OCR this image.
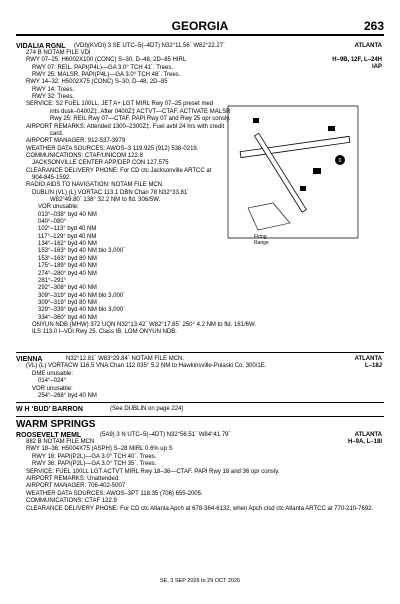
GEORGIA	263
VIDALIA RGNL (VDI)(KVDI) 3 SE UTC–5(–4DT) N32°11.56´ W82°22.27´	ATLANTA
274 B NOTAM FILE VDI
RWY 07–25: H6002X100 (CONC) S–30, D–48, 2D–85 HIRL
RWY 07: REIL. PAPI(P4L)—GA 3.0° TCH 41´. Trees.
RWY 25: MALSR. PAPI(P4L)—GA 3.0° TCH 48´. Trees.
RWY 14–32: H5002X75 (CONC) S–30, D–48, 2D–85
RWY 14: Trees.
RWY 32: Trees.
SERVICE: S2 FUEL 100LL, JET A+ LGT MIRL Rwy 07–25 preset med
ints dusk–0400Z‡. After 0400Z‡ ACTVT—CTAF. ACTIVATE MALSR
Rwy 25; REIL Rwy 07—CTAF. PAPI Rwy 07 and Rwy 25 opr consly.
AIRPORT REMARKS: Attended 1300–2300Z‡. Fuel avbl 24 hrs with credit
card.
AIRPORT MANAGER: 912-537-3979
WEATHER DATA SOURCES: AWOS–3 119.925 (912) 538-0219.
COMMUNICATIONS: CTAF/UNICOM 122.8
JACKSONVILLE CENTER APP/DEP CON 127.575
CLEARANCE DELIVERY PHONE: For CD ctc Jacksonville ARTCC at
904-845-1592.
RADIO AIDS TO NAVIGATION: NOTAM FILE MCN.
DUBLIN (VL) (L) VORTAC 113.1 DBN Chan 78 N32°33.81´
W82°49.80´ 138° 32.2 NM to fld. 306/5W.
VOR unusable:
013°–038° byd 40 NM
040°–080°
102°–113° byd 40 NM
117°–129° byd 40 NM
134°–162° byd 40 NM
153°–163° byd 40 NM blo 3,000´
153°–163° byd 80 NM
175°–189° byd 40 NM
274°–280° byd 40 NM
281°–291°
292°–308° byd 40 NM
309°–319° byd 40 NM blo 3,000´
309°–319° byd 80 NM
329°–339° byd 40 NM blo 3,000´
334°–360° byd 40 NM
ONYUN NDB (MHW) 372 UQN N32°13.42´ W82°17.85´ 250° 4.2 NM to fld. 161/6W.
ILS 113.0 I–VDI Rwy 25. Class IB. LOM ONYUN NDB.
H–9B, 12F, L–24H
IAP
6
Firing Range
VIENNA	ATLANTA
L–18J
N32°12.81´ W83°29.84´ NOTAM FILE MCN.
(VL) (L) VORTACW 116.5 VNA Chan 112 035° 5.2 NM to Hawkinsville-Pulaski Co. 300/1E.
DME unusable:
014°–024°
VOR unusable:
254°–268° byd 40 NM
W H ‘BUD’ BARRON	(See DUBLIN on page 224)
WARM SPRINGS
ROOSEVELT MEML	(5A9) 3 N UTC–5(–4DT) N32°56.51´ W84°41.79´	ATLANTA
H–9A, L–18I
882 B NOTAM FILE MCN
RWY 18–36: H5004X75 (ASPH) S–28 MIRL 0.6% up S
RWY 18: PAPI(P2L)—GA 3.0° TCH 40´. Trees.
RWY 36: PAPI(P2L)—GA 3.0° TCH 35´. Trees.
SERVICE: FUEL 100LL LGT ACTVT MIRL Rwy 18–36—CTAF. PAPI Rwy 18 and 36 opr consly.
AIRPORT REMARKS: Unattended.
AIRPORT MANAGER: 706-402-5007
WEATHER DATA SOURCES: AWOS–3PT 118.35 (706) 655-2005.
COMMUNICATIONS: CTAF 122.9
CLEARANCE DELIVERY PHONE: For CD ctc Atlanta Apch at 678-364-6132, when Apch clsd ctc Atlanta ARTCC at 770-210-7692.
SE, 3 SEP 2026 to 29 OCT 2026
